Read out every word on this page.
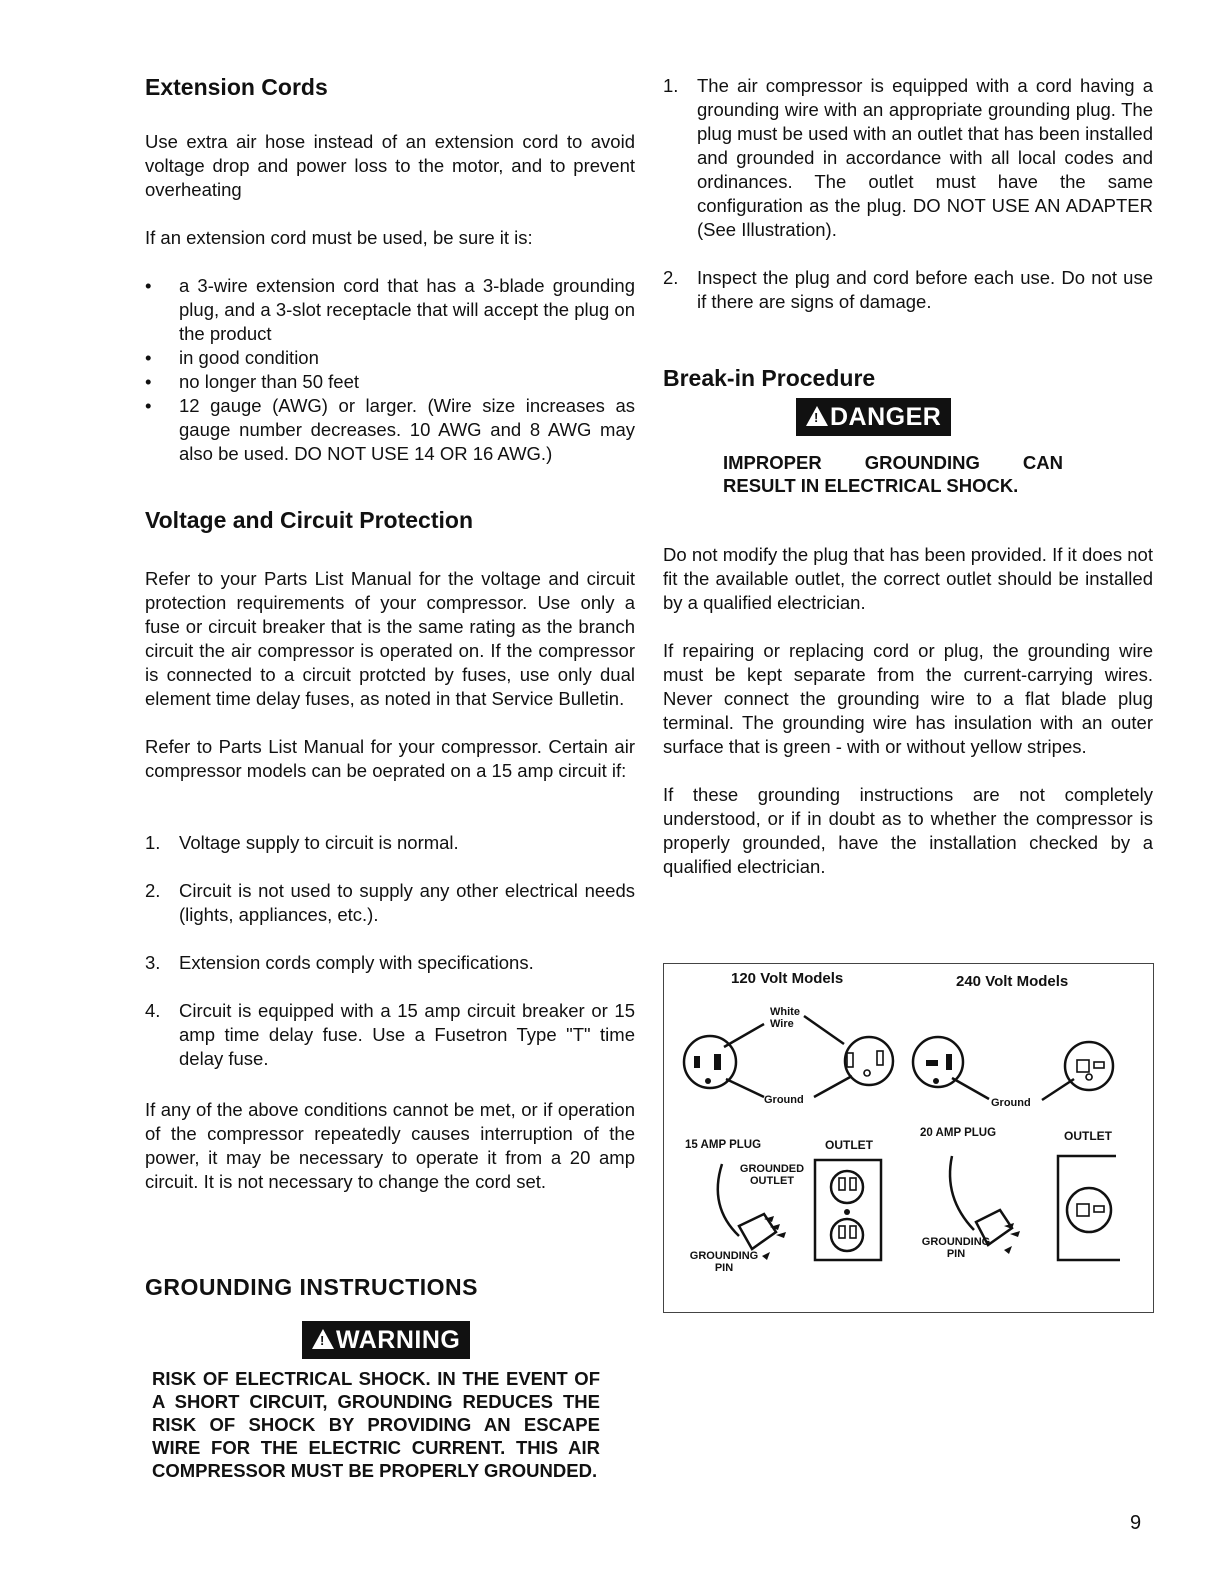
Extension Cords

Use extra air hose instead of an extension cord to avoid voltage drop and power loss to the motor, and to prevent overheating

If an extension cord must be used, be sure it is:

• a 3-wire extension cord that has a 3-blade grounding plug, and a 3-slot receptacle that will accept the plug on the product
• in good condition
• no longer than 50 feet
• 12 gauge (AWG) or larger. (Wire size increases as gauge number decreases. 10 AWG and 8 AWG may also be used. DO NOT USE 14 OR 16 AWG.)
Voltage and Circuit Protection

Refer to your Parts List Manual for the voltage and circuit protection requirements of your compressor. Use only a fuse or circuit breaker that is the same rating as the branch circuit the air compressor is operated on. If the compressor is connected to a circuit protcted by fuses, use only dual element time delay fuses, as noted in that Service Bulletin.

Refer to Parts List Manual for your compressor. Certain air compressor models can be oeprated on a 15 amp circuit if:

1. Voltage supply to circuit is normal.
2. Circuit is not used to supply any other electrical needs (lights, appliances, etc.).
3. Extension cords comply with specifications.
4. Circuit is equipped with a 15 amp circuit breaker or 15 amp time delay fuse. Use a Fusetron Type "T" time delay fuse.

If any of the above conditions cannot be met, or if operation of the compressor repeatedly causes interruption of the power, it may be necessary to operate it from a 20 amp circuit. It is not necessary to change the cord set.

GROUNDING INSTRUCTIONS
!WARNING
RISK OF ELECTRICAL SHOCK. IN THE EVENT OF A SHORT CIRCUIT, GROUNDING REDUCES THE RISK OF SHOCK BY PROVIDING AN ESCAPE WIRE FOR THE ELECTRIC CURRENT. THIS AIR COMPRESSOR MUST BE PROPERLY GROUNDED.
1. The air compressor is equipped with a cord having a grounding wire with an appropriate grounding plug. The plug must be used with an outlet that has been installed and grounded in accordance with all local codes and ordinances. The outlet must have the same configuration as the plug. DO NOT USE AN ADAPTER (See Illustration).
2. Inspect the plug and cord before each use. Do not use if there are signs of damage.
Break-in Procedure
!DANGER
IMPROPER GROUNDING CAN RESULT IN ELECTRICAL SHOCK.

Do not modify the plug that has been provided. If it does not fit the available outlet, the correct outlet should be installed by a qualified electrician.

If repairing or replacing cord or plug, the grounding wire must be kept separate from the current-carrying wires. Never connect the grounding wire to a flat blade plug terminal. The grounding wire has insulation with an outer surface that is green - with or without yellow stripes.

If these grounding instructions are not completely understood, or if in doubt as to whether the compressor is properly grounded, have the installation checked by a qualified electrician.

120 Volt Models	240 Volt Models
White Wire
Ground	Ground
15 AMP PLUG	OUTLET
20 AMP PLUG	OUTLET
GROUNDED OUTLET
GROUNDING PIN
GROUNDING PIN
9
